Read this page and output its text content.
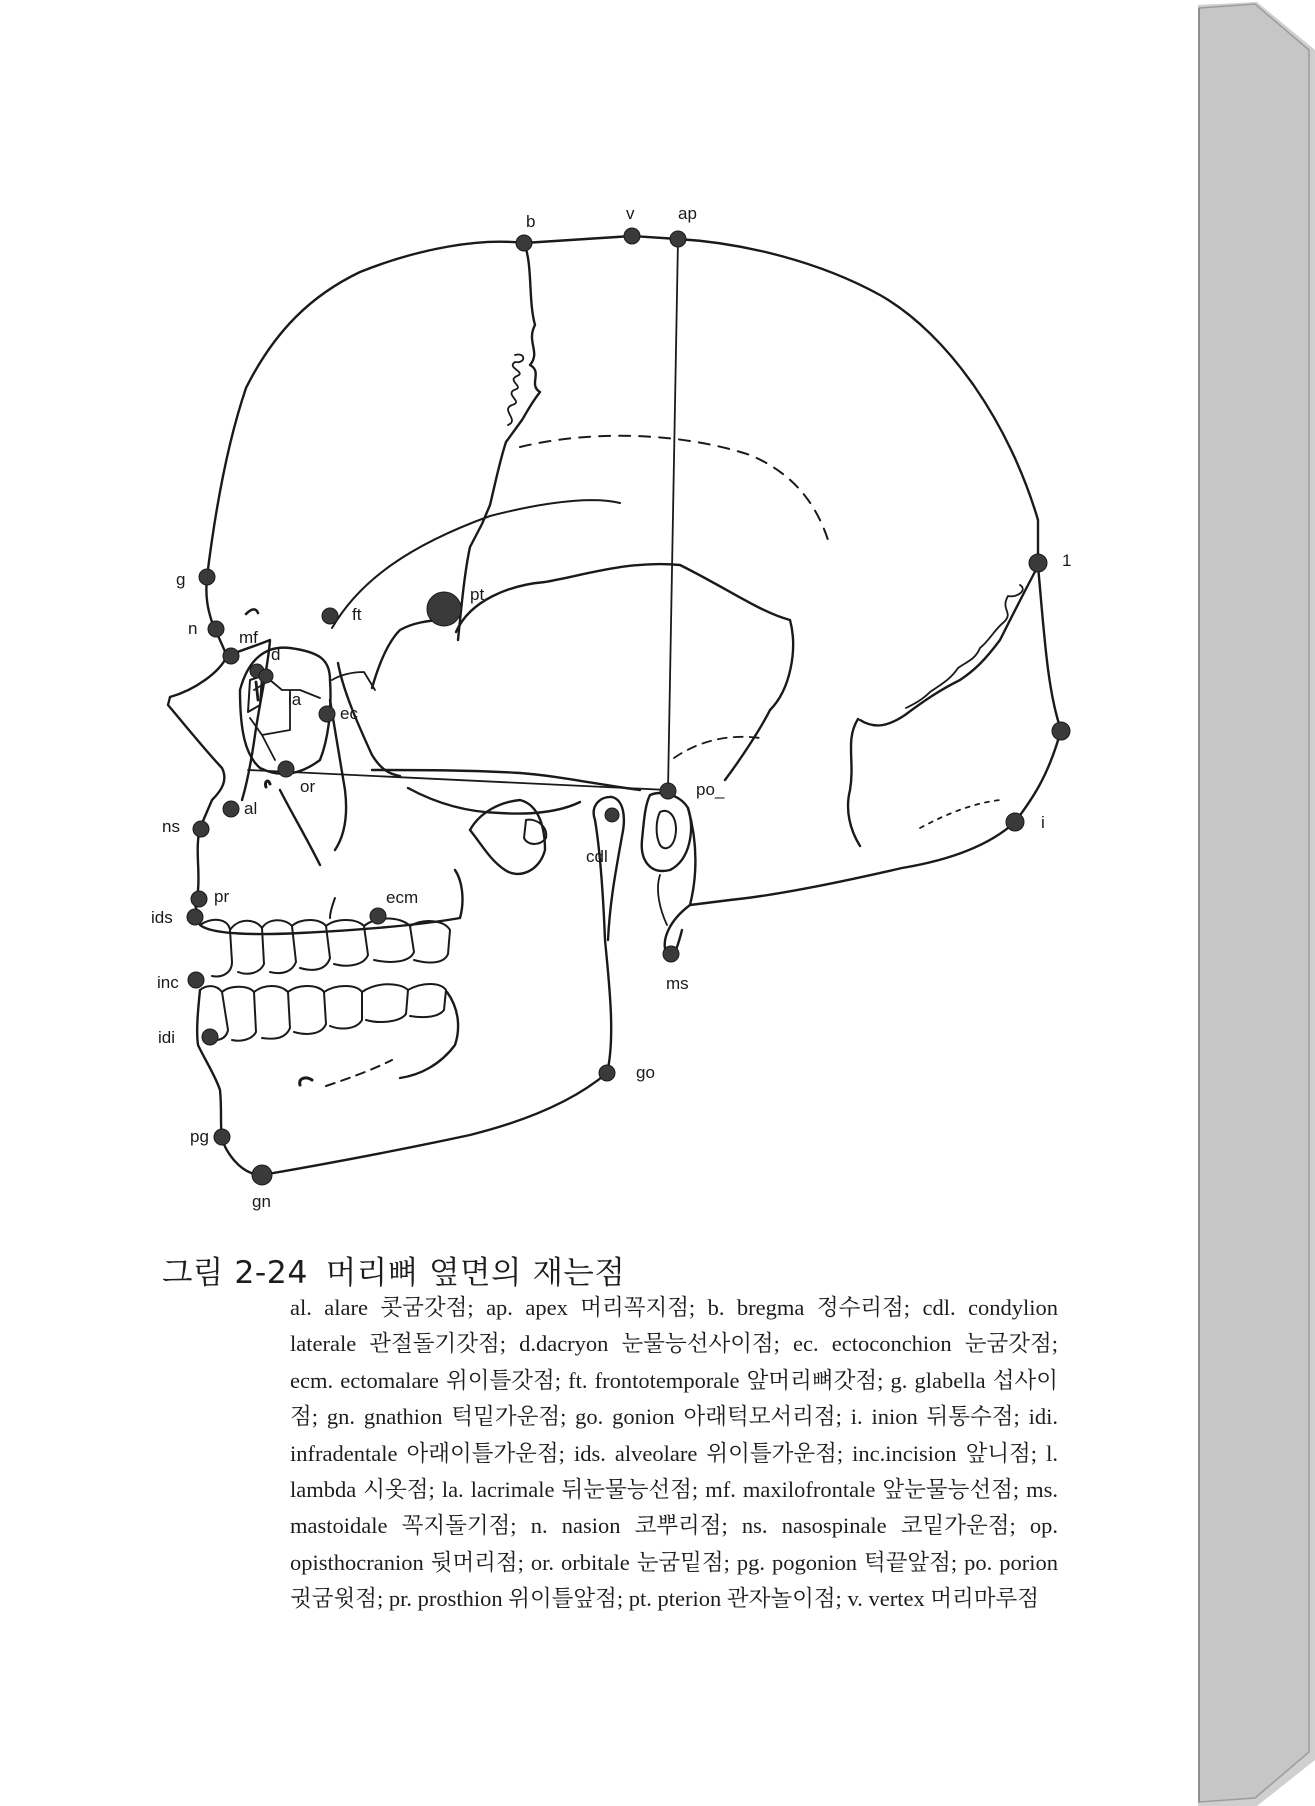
b	v	ap
g
n mf
d
la
ec
ft
pt
1
or	po_
al
ns	i
cdl
pr	ecm
ids
inc	ms
idi
go
pg
gn
그림 2-24 머리뼈 옆면의 재는점
al. alare 콧굼갓점; ap. apex 머리꼭지점; b. bregma 정수리점; cdl. condylion laterale 관절돌기갓점; d.dacryon 눈물능선사이점; ec. ectoconchion 눈굼갓점; ecm. ectomalare 위이틀갓점; ft. frontotemporale 앞머리뼈갓점; g. glabella 섭사이점; gn. gnathion 턱밑가운점; go. gonion 아래턱모서리점; i. inion 뒤통수점; idi. infradentale 아래이틀가운점; ids. alveolare 위이틀가운점; inc.incision 앞니점; l. lambda 시옷점; la. lacrimale 뒤눈물능선점; mf. maxilofrontale 앞눈물능선점; ms. mastoidale 꼭지돌기점; n. nasion 코뿌리점; ns. nasospinale 코밑가운점; op. opisthocranion 뒷머리점; or. orbitale 눈굼밑점; pg. pogonion 턱끝앞점; po. porion 귓굼윗점; pr. prosthion 위이틀앞점; pt. pterion 관자놀이점; v. vertex 머리마루점
